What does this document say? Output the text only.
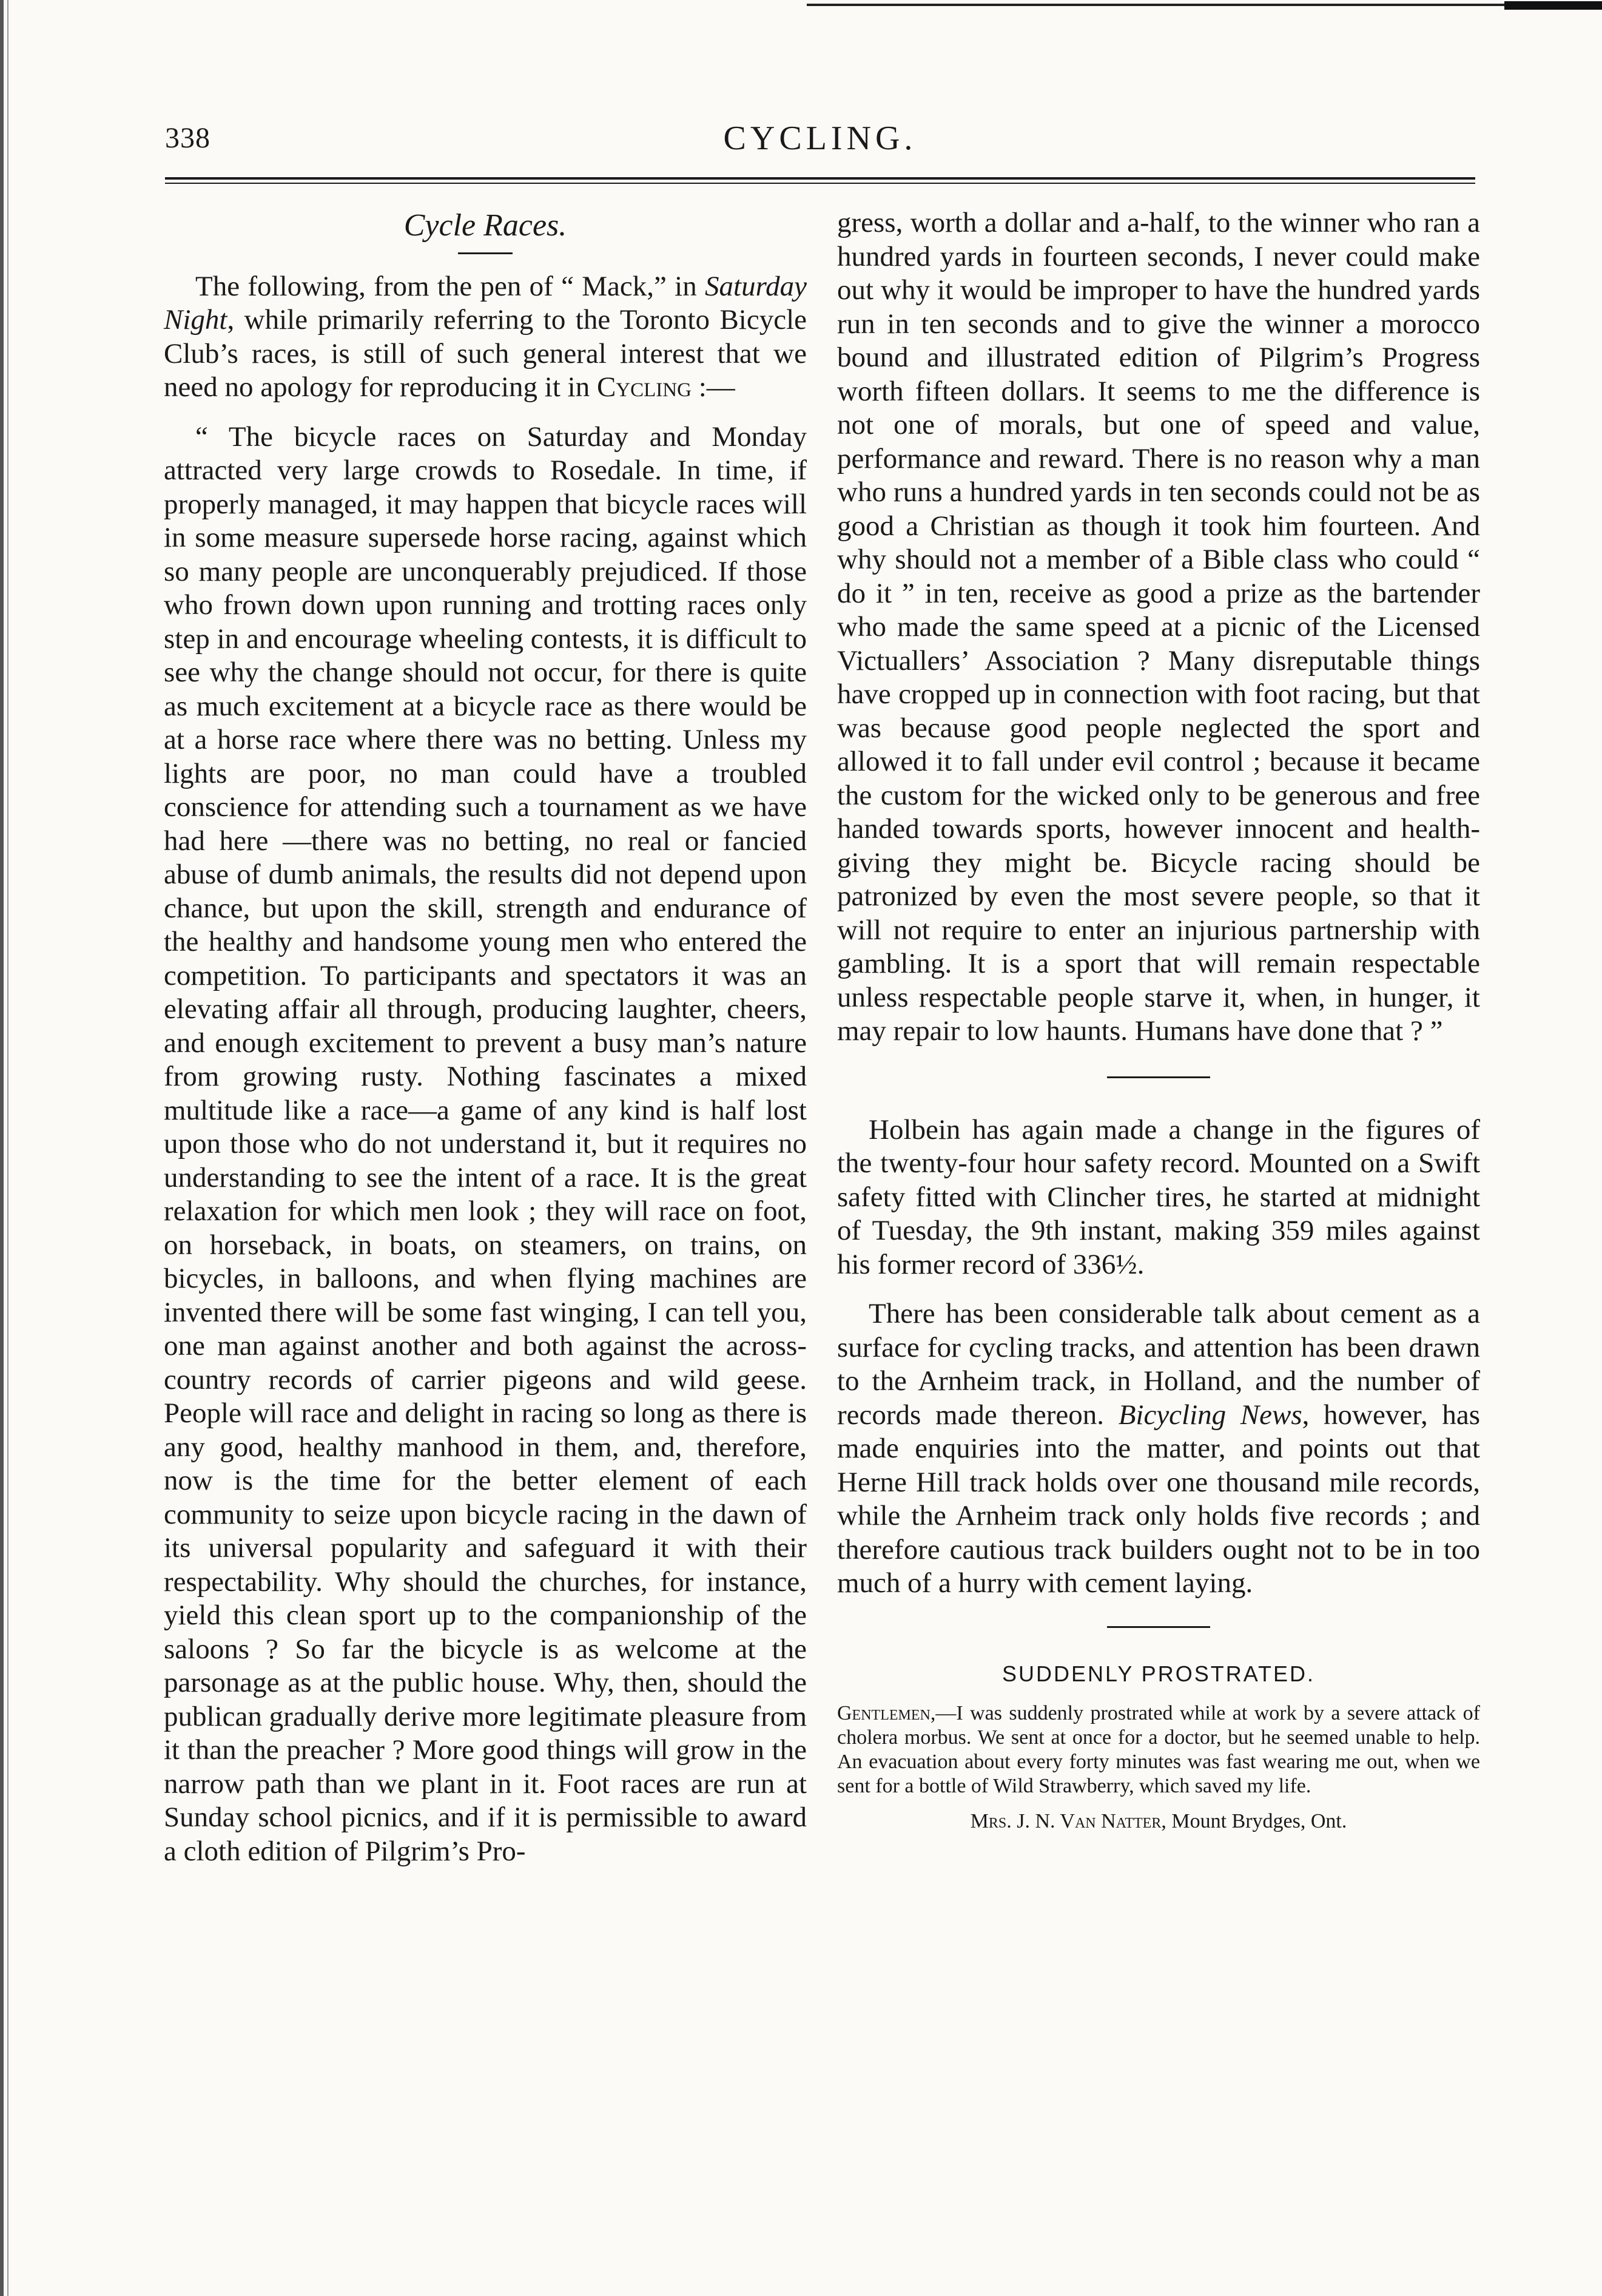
338	CYCLING.
Cycle Races.

The following, from the pen of “ Mack,” in Saturday Night, while primarily referring to the Toronto Bicycle Club’s races, is still of such general interest that we need no apology for reproducing it in Cycling :—

“ The bicycle races on Saturday and Monday attracted very large crowds to Rosedale. In time, if properly managed, it may happen that bicycle races will in some measure supersede horse racing, against which so many people are unconquerably prejudiced. If those who frown down upon running and trotting races only step in and encourage wheeling contests, it is difficult to see why the change should not occur, for there is quite as much excitement at a bicycle race as there would be at a horse race where there was no betting. Unless my lights are poor, no man could have a troubled conscience for attending such a tournament as we have had here —there was no betting, no real or fancied abuse of dumb animals, the results did not depend upon chance, but upon the skill, strength and endurance of the healthy and handsome young men who entered the competition. To participants and spectators it was an elevating affair all through, producing laughter, cheers, and enough excitement to prevent a busy man’s nature from growing rusty. Nothing fascinates a mixed multitude like a race—a game of any kind is half lost upon those who do not understand it, but it requires no understanding to see the intent of a race. It is the great relaxation for which men look ; they will race on foot, on horseback, in boats, on steamers, on trains, on bicycles, in balloons, and when flying machines are invented there will be some fast winging, I can tell you, one man against another and both against the across-country records of carrier pigeons and wild geese. People will race and delight in racing so long as there is any good, healthy manhood in them, and, therefore, now is the time for the better element of each community to seize upon bicycle racing in the dawn of its universal popularity and safeguard it with their respectability. Why should the churches, for instance, yield this clean sport up to the companionship of the saloons ? So far the bicycle is as welcome at the parsonage as at the public house. Why, then, should the publican gradually derive more legitimate pleasure from it than the preacher ? More good things will grow in the narrow path than we plant in it. Foot races are run at Sunday school picnics, and if it is permissible to award a cloth edition of Pilgrim’s Pro-

gress, worth a dollar and a-half, to the winner who ran a hundred yards in fourteen seconds, I never could make out why it would be improper to have the hundred yards run in ten seconds and to give the winner a morocco bound and illustrated edition of Pilgrim’s Progress worth fifteen dollars. It seems to me the difference is not one of morals, but one of speed and value, performance and reward. There is no reason why a man who runs a hundred yards in ten seconds could not be as good a Christian as though it took him fourteen. And why should not a member of a Bible class who could “ do it ” in ten, receive as good a prize as the bartender who made the same speed at a picnic of the Licensed Victuallers’ Association ? Many disreputable things have cropped up in connection with foot racing, but that was because good people neglected the sport and allowed it to fall under evil control ; because it became the custom for the wicked only to be generous and free handed towards sports, however innocent and health-giving they might be. Bicycle racing should be patronized by even the most severe people, so that it will not require to enter an injurious partnership with gambling. It is a sport that will remain respectable unless respectable people starve it, when, in hunger, it may repair to low haunts. Humans have done that ? ”

Holbein has again made a change in the figures of the twenty-four hour safety record. Mounted on a Swift safety fitted with Clincher tires, he started at midnight of Tuesday, the 9th instant, making 359 miles against his former record of 336½.

There has been considerable talk about cement as a surface for cycling tracks, and attention has been drawn to the Arnheim track, in Holland, and the number of records made thereon. Bicycling News, however, has made enquiries into the matter, and points out that Herne Hill track holds over one thousand mile records, while the Arnheim track only holds five records ; and therefore cautious track builders ought not to be in too much of a hurry with cement laying.

SUDDENLY PROSTRATED.

Gentlemen,—I was suddenly prostrated while at work by a severe attack of cholera morbus. We sent at once for a doctor, but he seemed unable to help. An evacuation about every forty minutes was fast wearing me out, when we sent for a bottle of Wild Strawberry, which saved my life.

Mrs. J. N. Van Natter, Mount Brydges, Ont.
